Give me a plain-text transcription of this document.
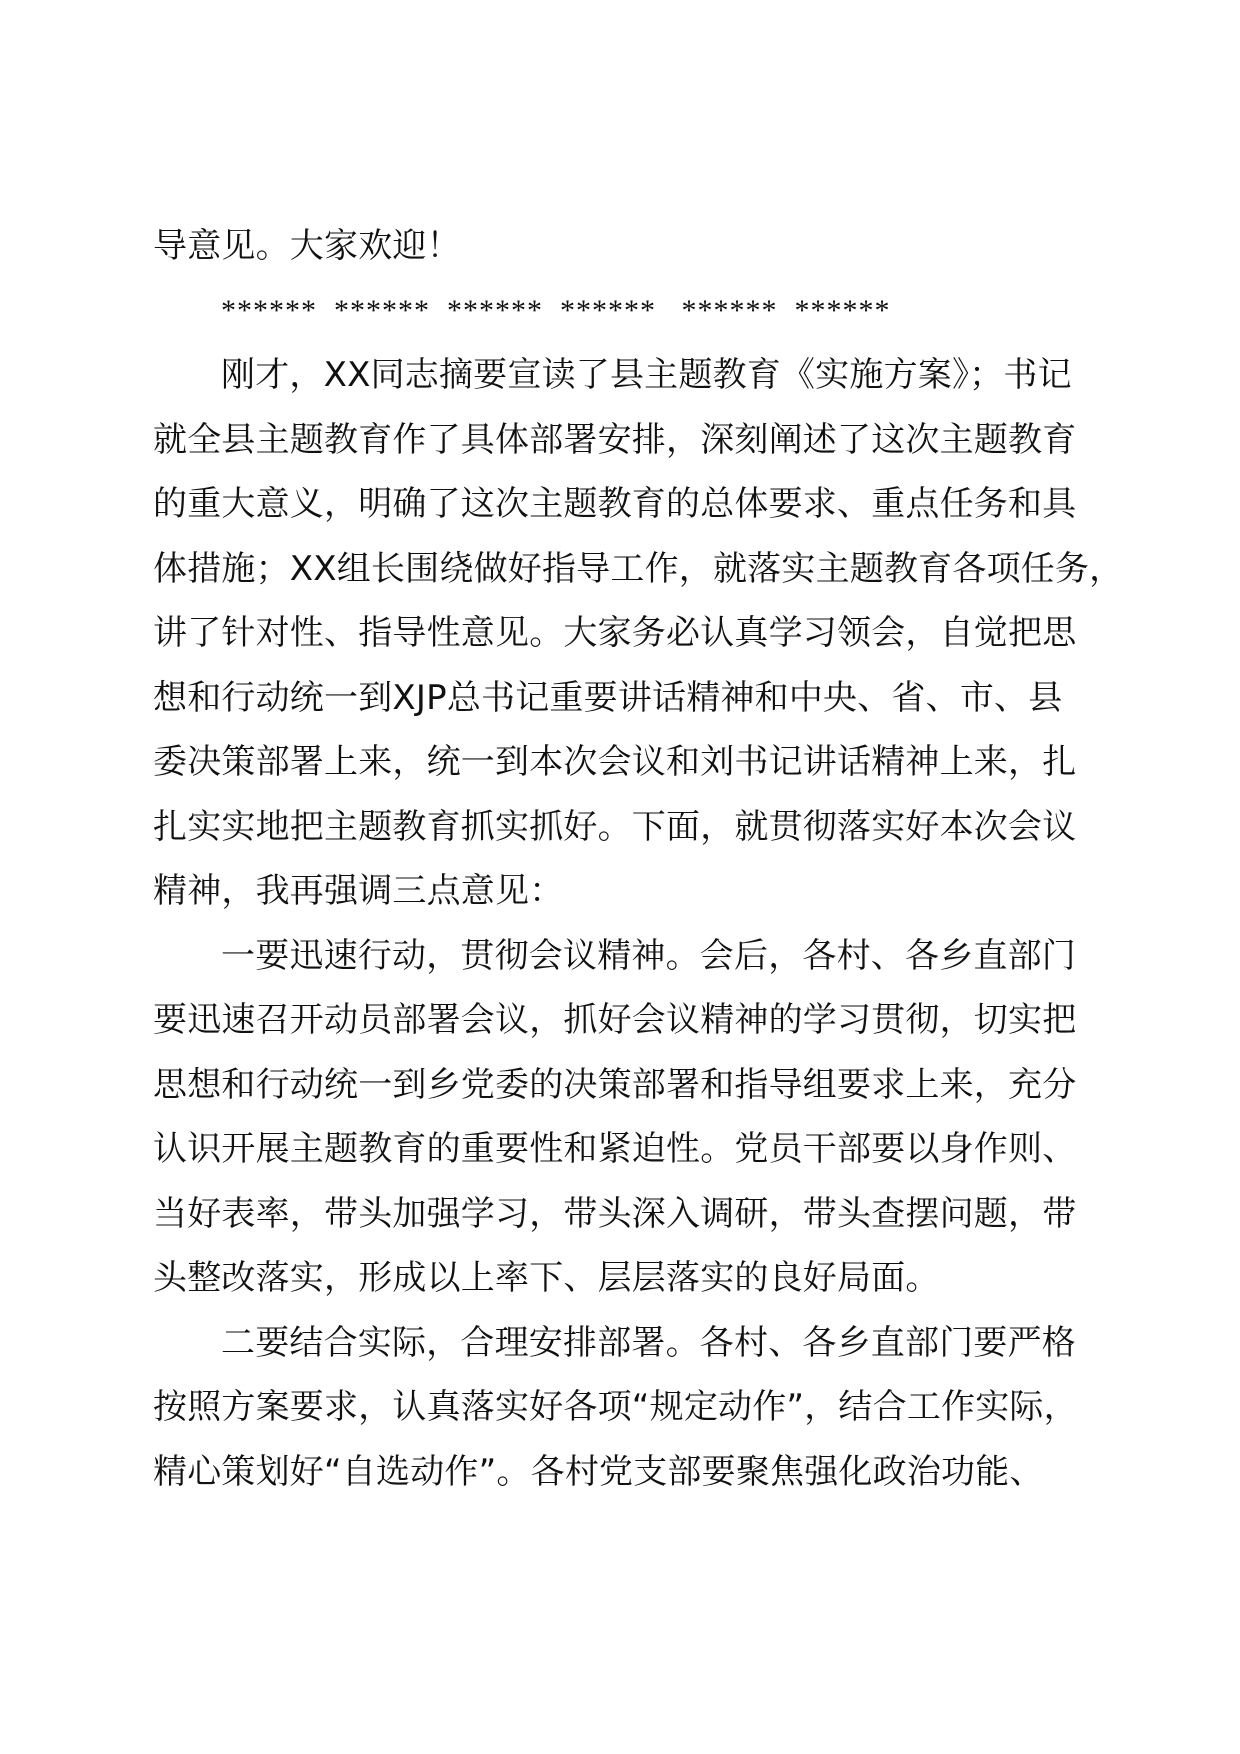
导意见。大家欢迎！
******  ******  ******  ******   ******  ******
刚才，XX同志摘要宣读了县主题教育《实施方案》；书记
就全县主题教育作了具体部署安排，深刻阐述了这次主题教育
的重大意义，明确了这次主题教育的总体要求、重点任务和具
体措施；XX组长围绕做好指导工作，就落实主题教育各项任务，
讲了针对性、指导性意见。大家务必认真学习领会，自觉把思
想和行动统一到XJP总书记重要讲话精神和中央、省、市、县
委决策部署上来，统一到本次会议和刘书记讲话精神上来，扎
扎实实地把主题教育抓实抓好。下面，就贯彻落实好本次会议
精神，我再强调三点意见：
一要迅速行动，贯彻会议精神。会后，各村、各乡直部门
要迅速召开动员部署会议，抓好会议精神的学习贯彻，切实把
思想和行动统一到乡党委的决策部署和指导组要求上来，充分
认识开展主题教育的重要性和紧迫性。党员干部要以身作则、
当好表率，带头加强学习，带头深入调研，带头查摆问题，带
头整改落实，形成以上率下、层层落实的良好局面。
二要结合实际，合理安排部署。各村、各乡直部门要严格
按照方案要求，认真落实好各项“规定动作”，结合工作实际，
精心策划好“自选动作”。各村党支部要聚焦强化政治功能、
